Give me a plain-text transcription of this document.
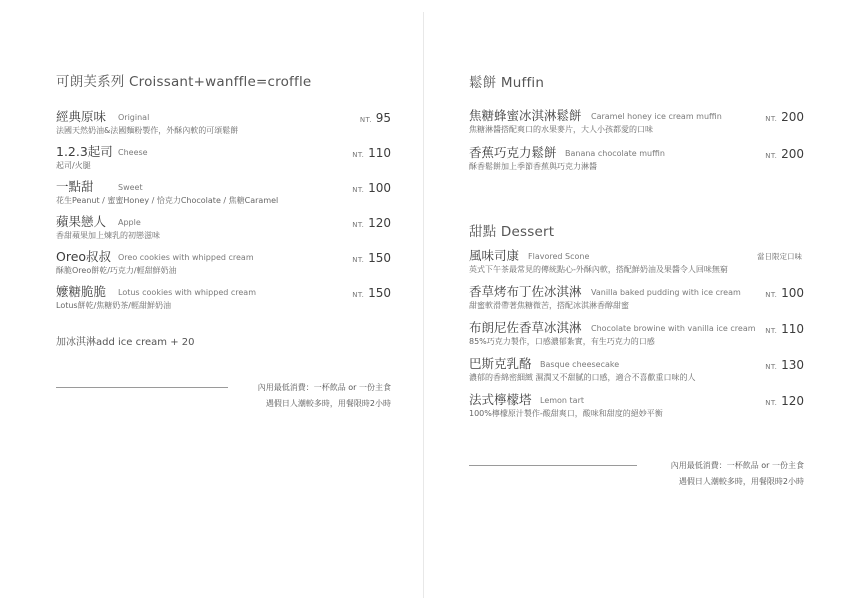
可朗芙系列 Croissant+wanffle=croffle
經典原味 Original	NT. 95
法國天然奶油&法國麵粉製作，外酥內軟的可頌鬆餅
1.2.3起司 Cheese	NT. 110
起司/火腿
一點甜	Sweet	NT. 100
花生Peanut / 蜜蜜Honey / 恰克力Chocolate / 焦糖Caramel
蘋果戀人 Apple	NT. 120
香甜蘋果加上煉乳的初戀滋味
Oreo叔叔 Oreo cookies with whipped cream	NT. 150
酥脆Oreo餅乾/巧克力/輕甜鮮奶油
嬤糖脆脆 Lotus cookies with whipped cream	NT. 150
Lotus餅乾/焦糖奶茶/輕甜鮮奶油
加冰淇淋add ice cream + 20
內用最低消費：一杯飲品 or 一份主食
遇假日人潮較多時，用餐限時2小時
鬆餅 Muffin
焦糖蜂蜜冰淇淋鬆餅 Caramel honey ice cream muffin	NT. 200
焦糖淋醬搭配爽口的水果麥片，大人小孩都愛的口味
香蕉巧克力鬆餅 Banana chocolate muffin	NT. 200
酥香鬆餅加上季節香蕉與巧克力淋醬
甜點 Dessert
風味司康 Flavored Scone	當日限定口味
英式下午茶最常見的傳統點心-外酥內軟，搭配鮮奶油及果醬令人回味無窮
香草烤布丁佐冰淇淋 Vanilla baked pudding with ice cream	NT. 100
甜蜜軟滑帶著焦糖微苦，搭配冰淇淋香醇甜蜜
布朗尼佐香草冰淇淋 Chocolate browine with vanilla ice cream NT. 110
85%巧克力製作，口感濃郁紮實，有生巧克力的口感
巴斯克乳酪 Basque cheesecake	NT. 130
濃郁的香綿密細緻 濕潤又不甜膩的口感，適合不喜歡重口味的人
法式檸檬塔 Lemon tart	NT. 120
100%檸檬原汁製作-酸甜爽口，酸味和甜度的絕妙平衡
內用最低消費：一杯飲品 or 一份主食
遇假日人潮較多時，用餐限時2小時
